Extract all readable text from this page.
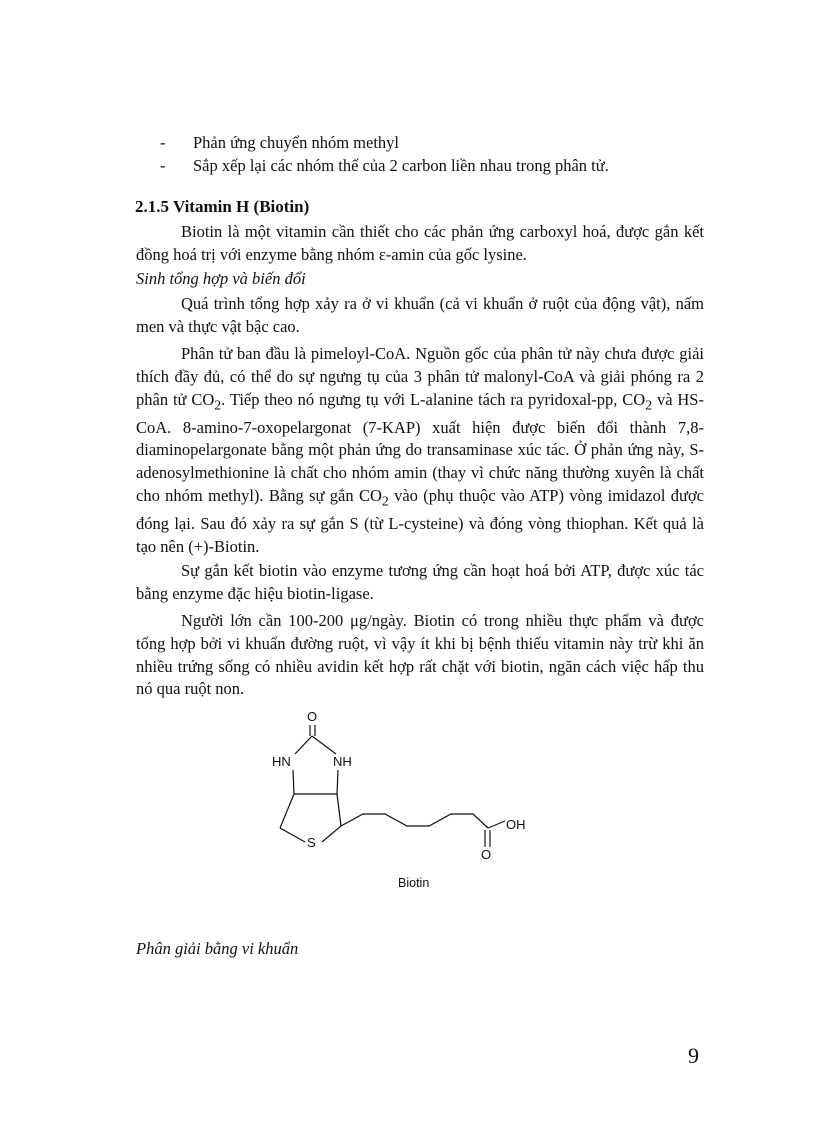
-	Phản ứng chuyển nhóm methyl
-	Sắp xếp lại các nhóm thế của 2 carbon liền nhau trong phân tử.
2.1.5 Vitamin H (Biotin)

Biotin là một vitamin cần thiết cho các phản ứng carboxyl hoá, được gắn kết đồng hoá trị với enzyme bằng nhóm ε-amin của gốc lysine.

Sinh tổng hợp và biến đổi

Quá trình tổng hợp xảy ra ở vi khuẩn (cả vi khuẩn ở ruột của động vật), nấm men và thực vật bậc cao.

Phân tử ban đầu là pimeloyl-CoA. Nguồn gốc của phân tử này chưa được giải thích đầy đủ, có thể do sự ngưng tụ của 3 phân tử malonyl-CoA và giải phóng ra 2 phân tử $CO_2$. Tiếp theo nó ngưng tụ với L-alanine tách ra pyridoxal-pp, $CO_2$ và HS-CoA. 8-amino-7-oxopelargonat (7-KAP) xuất hiện được biến đổi thành 7,8-diaminopelargonate bằng một phản ứng do transaminase xúc tác. Ở phản ứng này, S-adenosylmethionine là chất cho nhóm amin (thay vì chức năng thường xuyên là chất cho nhóm methyl). Bằng sự gắn $CO_2$ vào (phụ thuộc vào ATP) vòng imidazol được đóng lại. Sau đó xảy ra sự gắn S (từ L-cysteine) và đóng vòng thiophan. Kết quả là tạo nên (+)-Biotin.

Sự gắn kết biotin vào enzyme tương ứng cần hoạt hoá bởi ATP, được xúc tác bằng enzyme đặc hiệu biotin-ligase.

Người lớn cần 100-200 μg/ngày. Biotin có trong nhiều thực phẩm và được tổng hợp bởi vi khuẩn đường ruột, vì vậy ít khi bị bệnh thiếu vitamin này trừ khi ăn nhiều trứng sống có nhiều avidin kết hợp rất chặt với biotin, ngăn cách việc hấp thu nó qua ruột non.

O
HN	NH
S
OH
O
Biotin
Phân giải bằng vi khuẩn
9
